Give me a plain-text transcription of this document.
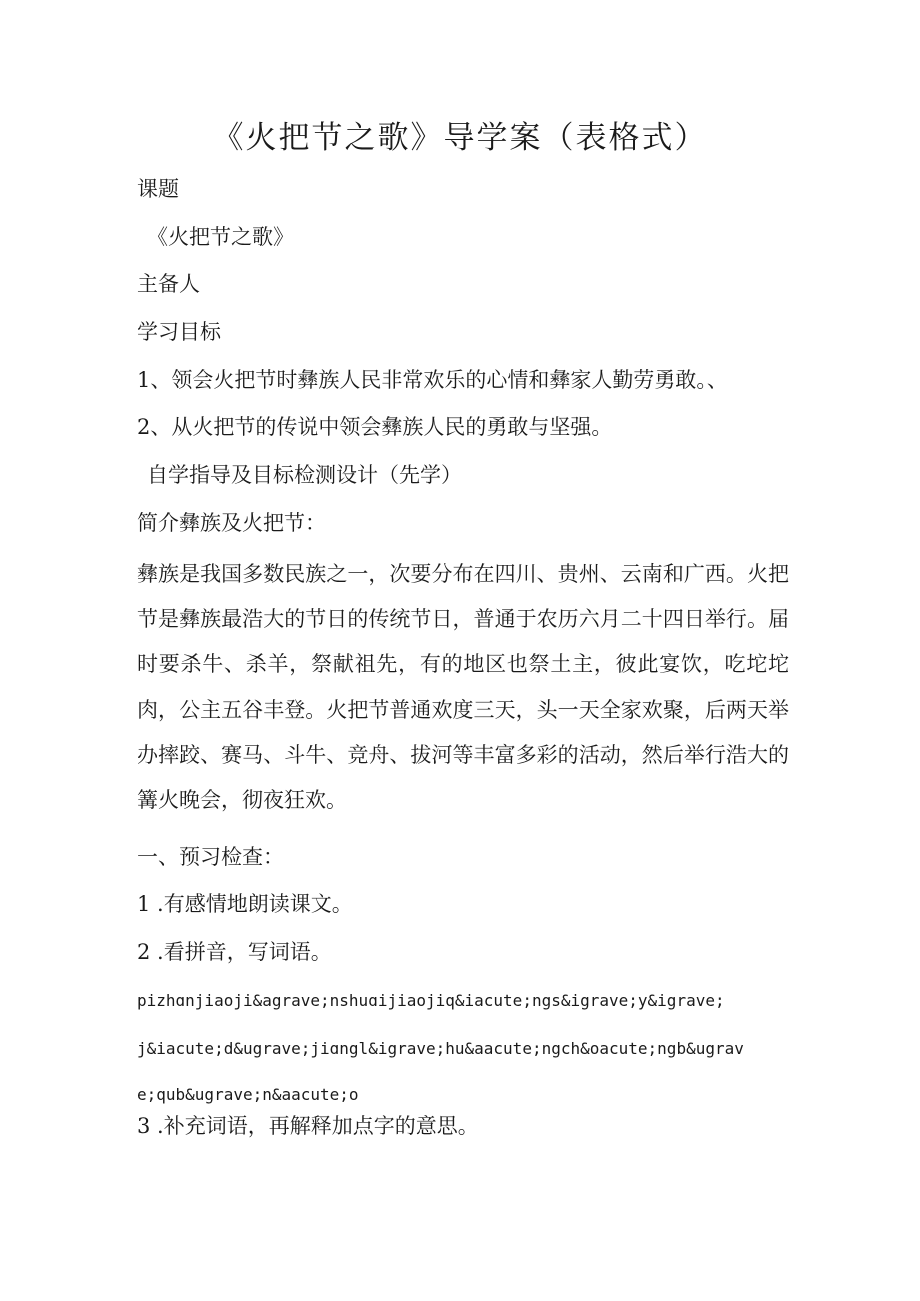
《火把节之歌》导学案（表格式）

课题

《火把节之歌》

主备人

学习目标

1、领会火把节时彝族人民非常欢乐的心情和彝家人勤劳勇敢。、

2、从火把节的传说中领会彝族人民的勇敢与坚强。

自学指导及目标检测设计（先学）

简介彝族及火把节：

彝族是我国多数民族之一，次要分布在四川、贵州、云南和广西。火把节是彝族最浩大的节日的传统节日，普通于农历六月二十四日举行。届时要杀牛、杀羊，祭献祖先，有的地区也祭土主，彼此宴饮，吃坨坨肉，公主五谷丰登。火把节普通欢度三天，头一天全家欢聚，后两天举办摔跤、赛马、斗牛、竞舟、拔河等丰富多彩的活动，然后举行浩大的篝火晚会，彻夜狂欢。

一、预习检查：

1 .有感情地朗读课文。

2 .看拼音，写词语。

pizhɑnjiaoji&agrave;nshuɑijiaojiq&iacute;ngs&igrave;y&igrave;

j&iacute;d&ugrave;jiɑngl&igrave;hu&aacute;ngch&oacute;ngb&ugrav

e;qub&ugrave;n&aacute;o

3 .补充词语，再解释加点字的意思。
